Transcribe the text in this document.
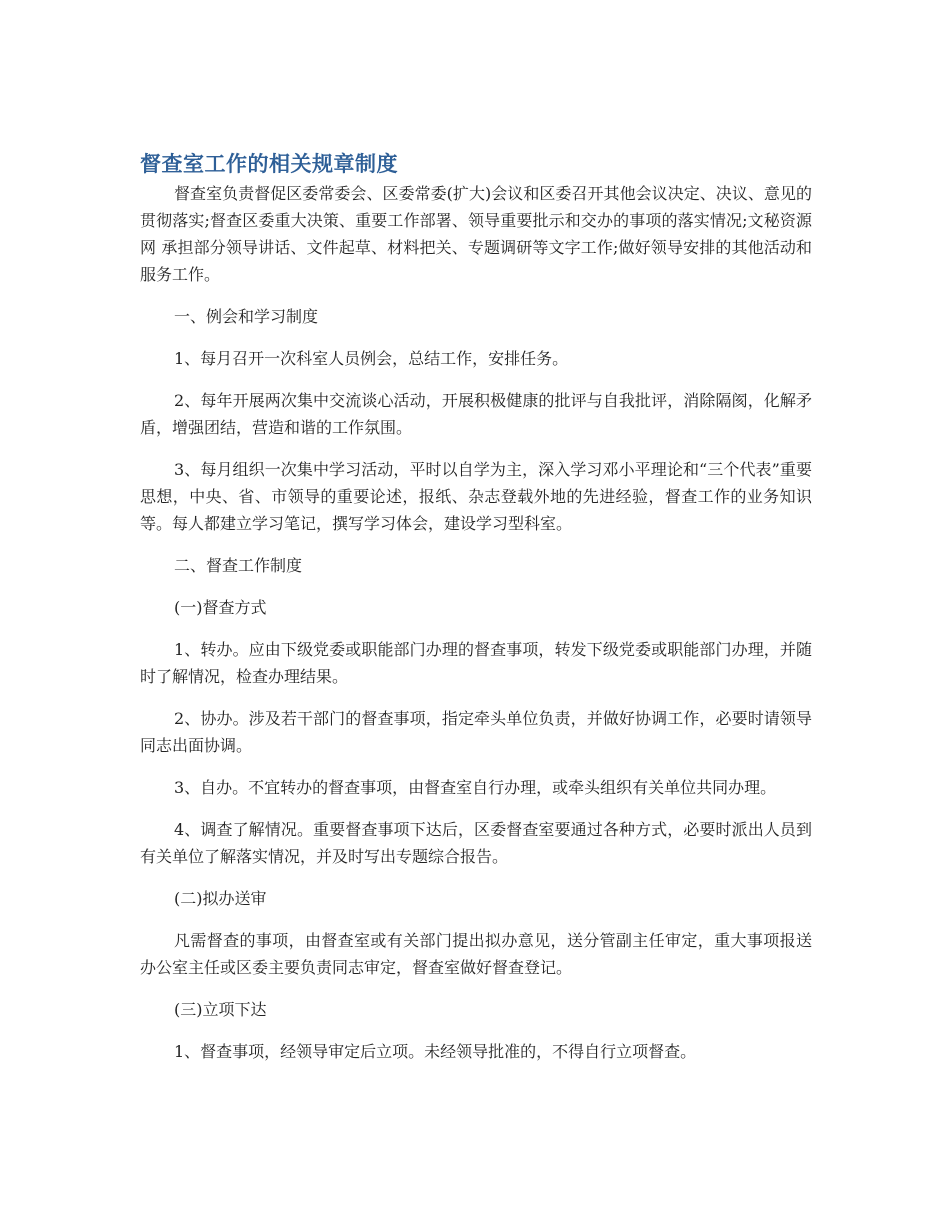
督查室工作的相关规章制度

督查室负责督促区委常委会、区委常委(扩大)会议和区委召开其他会议决定、决议、意见的贯彻落实;督查区委重大决策、重要工作部署、领导重要批示和交办的事项的落实情况;文秘资源网 承担部分领导讲话、文件起草、材料把关、专题调研等文字工作;做好领导安排的其他活动和服务工作。

一、例会和学习制度

1、每月召开一次科室人员例会，总结工作，安排任务。

2、每年开展两次集中交流谈心活动，开展积极健康的批评与自我批评，消除隔阂，化解矛盾，增强团结，营造和谐的工作氛围。

3、每月组织一次集中学习活动，平时以自学为主，深入学习邓小平理论和“三个代表”重要思想，中央、省、市领导的重要论述，报纸、杂志登载外地的先进经验，督查工作的业务知识等。每人都建立学习笔记，撰写学习体会，建设学习型科室。

二、督查工作制度

(一)督查方式

1、转办。应由下级党委或职能部门办理的督查事项，转发下级党委或职能部门办理，并随时了解情况，检查办理结果。

2、协办。涉及若干部门的督查事项，指定牵头单位负责，并做好协调工作，必要时请领导同志出面协调。

3、自办。不宜转办的督查事项，由督查室自行办理，或牵头组织有关单位共同办理。

4、调查了解情况。重要督查事项下达后，区委督查室要通过各种方式，必要时派出人员到有关单位了解落实情况，并及时写出专题综合报告。

(二)拟办送审

凡需督查的事项，由督查室或有关部门提出拟办意见，送分管副主任审定，重大事项报送办公室主任或区委主要负责同志审定，督查室做好督查登记。

(三)立项下达

1、督查事项，经领导审定后立项。未经领导批准的，不得自行立项督查。
